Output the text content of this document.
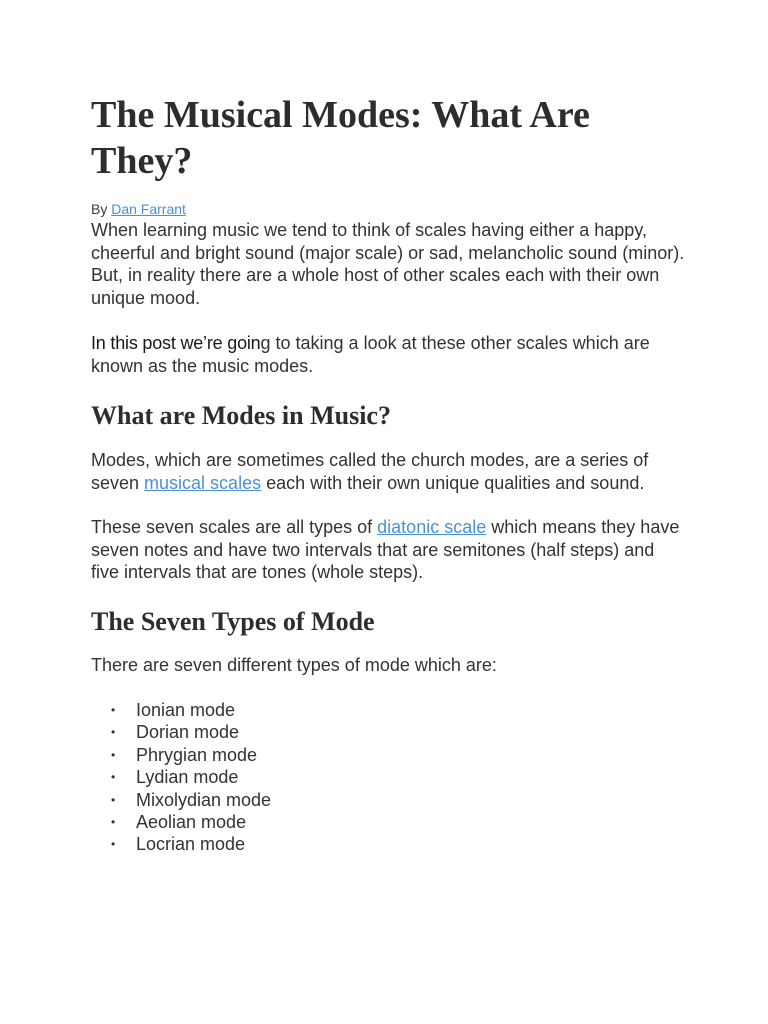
The Musical Modes: What Are They?
By Dan Farrant

When learning music we tend to think of scales having either a happy, cheerful and bright sound (major scale) or sad, melancholic sound (minor). But, in reality there are a whole host of other scales each with their own unique mood.

In this post we’re going to taking a look at these other scales which are known as the music modes.

What are Modes in Music?

Modes, which are sometimes called the church modes, are a series of seven musical scales each with their own unique qualities and sound.

These seven scales are all types of diatonic scale which means they have seven notes and have two intervals that are semitones (half steps) and five intervals that are tones (whole steps).

The Seven Types of Mode

There are seven different types of mode which are:

• Ionian mode
• Dorian mode
• Phrygian mode
• Lydian mode
• Mixolydian mode
• Aeolian mode
• Locrian mode
